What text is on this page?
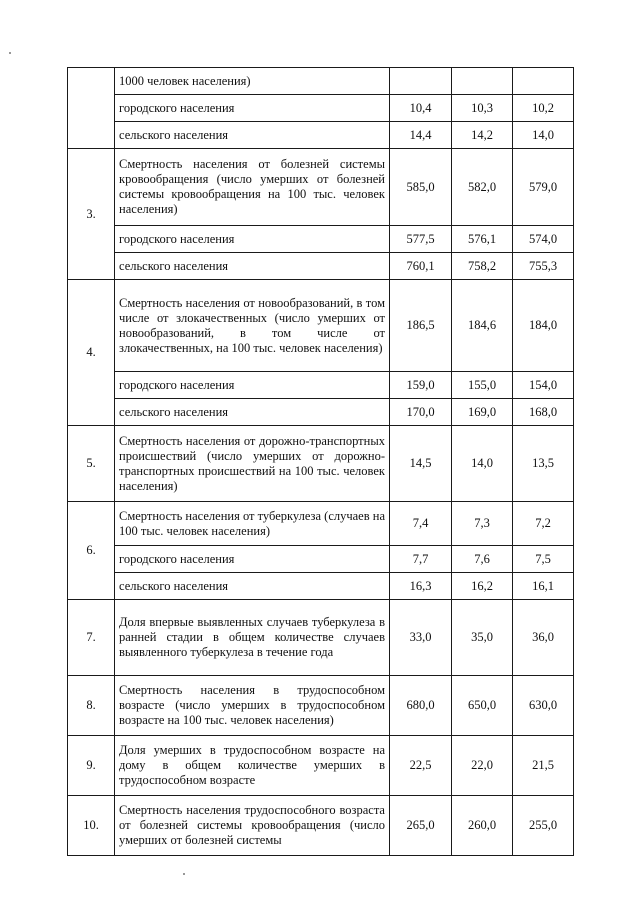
	1000 человек населения)			
	городского населения	10,4	10,3	10,2
	сельского населения	14,4	14,2	14,0
3.	Смертность населения от болезней системы кровообращения (число умерших от болезней системы кровообращения на 100 тыс. человек населения)	585,0	582,0	579,0
	городского населения	577,5	576,1	574,0
	сельского населения	760,1	758,2	755,3
4.	Смертность населения от новообразований, в том числе от злокачественных (число умерших от новообразований, в том числе от злокачественных, на 100 тыс. человек населения)	186,5	184,6	184,0
	городского населения	159,0	155,0	154,0
	сельского населения	170,0	169,0	168,0
5.	Смертность населения от дорожно-транспортных происшествий (число умерших от дорожно-транспортных происшествий на 100 тыс. человек населения)	14,5	14,0	13,5
6.	Смертность населения от туберкулеза (случаев на 100 тыс. человек населения)	7,4	7,3	7,2
	городского населения	7,7	7,6	7,5
	сельского населения	16,3	16,2	16,1
7.	Доля впервые выявленных случаев туберкулеза в ранней стадии в общем количестве случаев выявленного туберкулеза в течение года	33,0	35,0	36,0
8.	Смертность населения в трудоспособном возрасте (число умерших в трудоспособном возрасте на 100 тыс. человек населения)	680,0	650,0	630,0
9.	Доля умерших в трудоспособном возрасте на дому в общем количестве умерших в трудоспособном возрасте	22,5	22,0	21,5
10.	Смертность населения трудоспособного возраста от болезней системы кровообращения (число умерших от болезней системы	265,0	260,0	255,0
